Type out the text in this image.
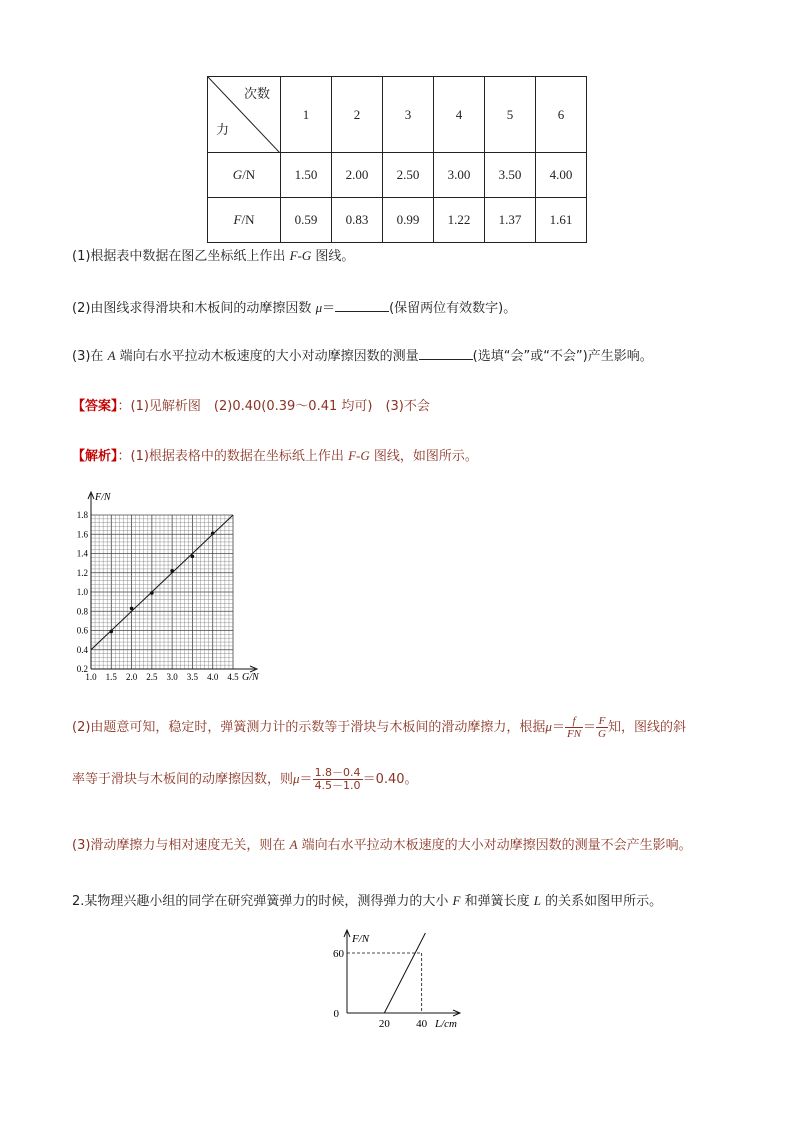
次数
力	1	2	3	4	5	6
G/N	1.50	2.00	2.50	3.00	3.50	4.00
F/N	0.59	0.83	0.99	1.22	1.37	1.61
(1)根据表中数据在图乙坐标纸上作出 F-G 图线。
(2)由图线求得滑块和木板间的动摩擦因数 μ＝	(保留两位有效数字)。
(3)在 A 端向右水平拉动木板速度的大小对动摩擦因数的测量	(选填“会”或“不会”)产生影响。
【答案】：(1)见解析图　(2)0.40(0.39～0.41 均可)　(3)不会
【解析】：(1)根据表格中的数据在坐标纸上作出 F-G 图线，如图所示。
1.0 1.5 2.0 2.5 3.0 3.5 4.0 4.5
0.2
0.4
0.6
0.8
1.0
1.2
1.4
1.6
1.8
F/N
G/N
(2)由题意可知，稳定时，弹簧测力计的示数等于滑块与木板间的滑动摩擦力，根据$\mu= \frac{f}{FN} = \frac{F}{G}$ 知，图线的斜
率等于滑块与木板间的动摩擦因数，则$\mu= \frac{1.8-0.4}{4.5-1.0} =0.40$。
(3)滑动摩擦力与相对速度无关，则在 A 端向右水平拉动木板速度的大小对动摩擦因数的测量不会产生影响。
2.某物理兴趣小组的同学在研究弹簧弹力的时候，测得弹力的大小 F 和弹簧长度 L 的关系如图甲所示。
0
20 40
60
F/N
L/cm
